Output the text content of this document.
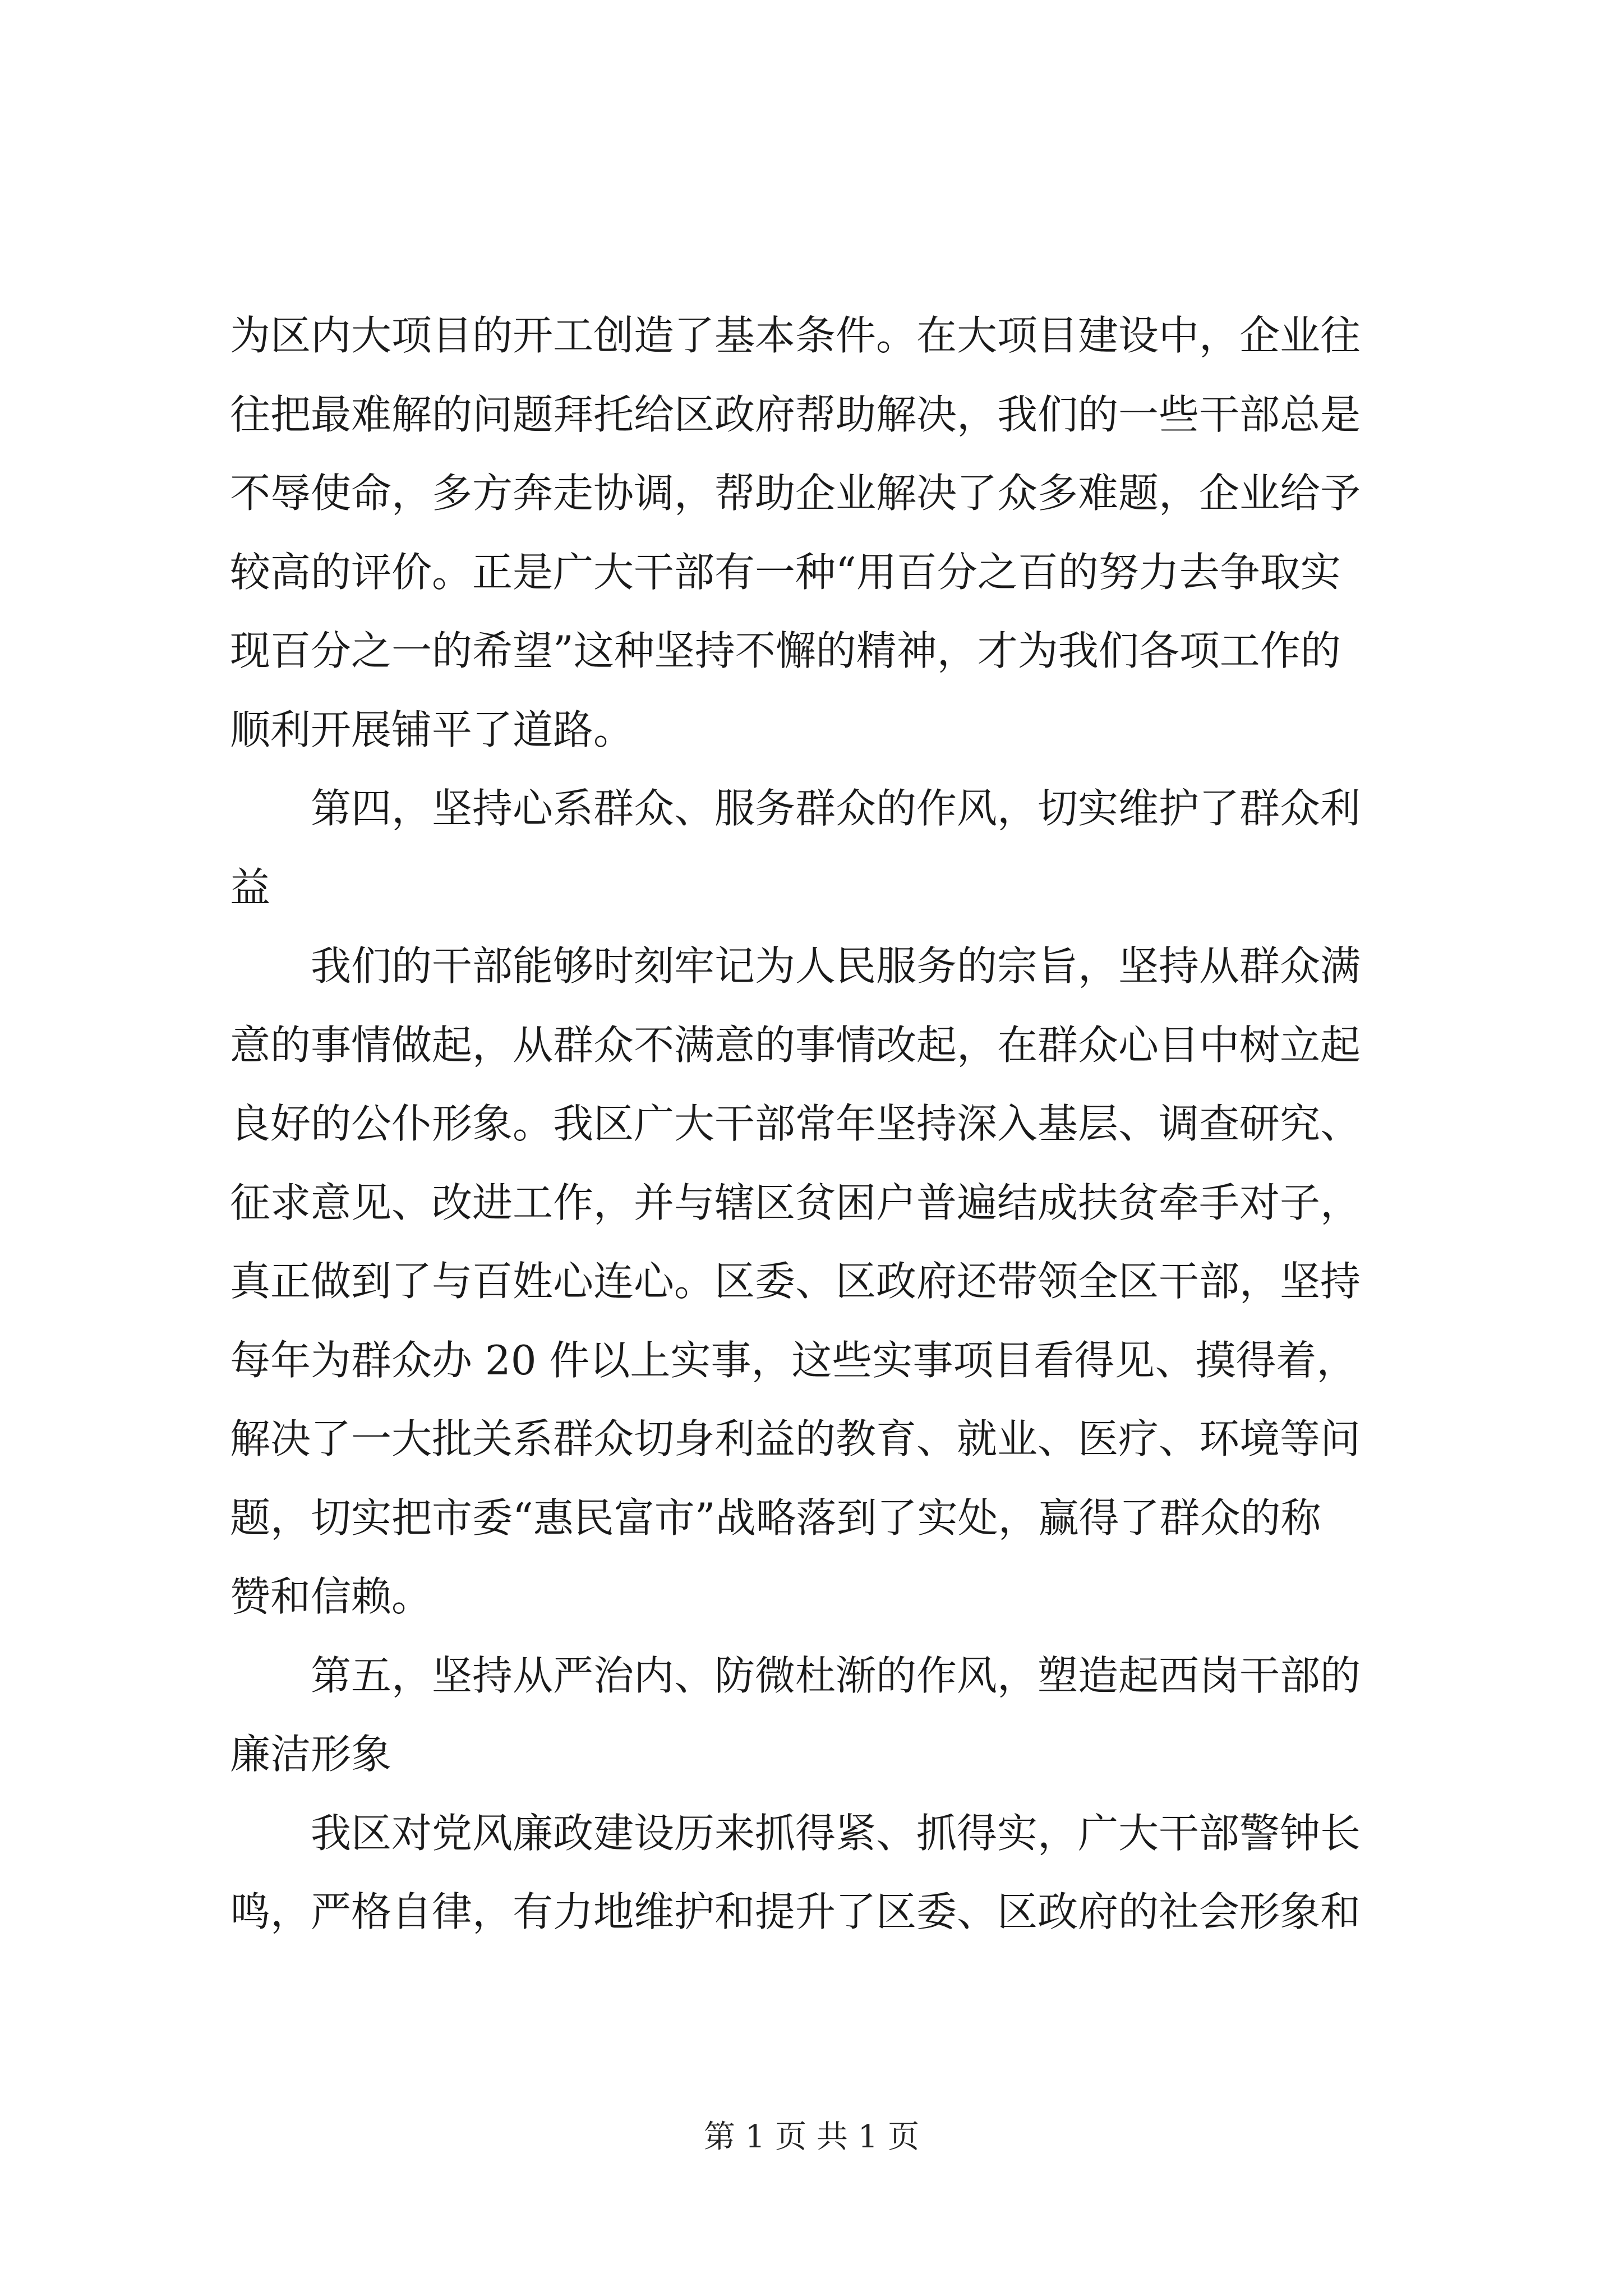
为区内大项目的开工创造了基本条件。在大项目建设中，企业往
往把最难解的问题拜托给区政府帮助解决，我们的一些干部总是
不辱使命，多方奔走协调，帮助企业解决了众多难题，企业给予
较高的评价。正是广大干部有一种“用百分之百的努力去争取实
现百分之一的希望”这种坚持不懈的精神，才为我们各项工作的
顺利开展铺平了道路。
第四，坚持心系群众、服务群众的作风，切实维护了群众利
益
我们的干部能够时刻牢记为人民服务的宗旨，坚持从群众满
意的事情做起，从群众不满意的事情改起，在群众心目中树立起
良好的公仆形象。我区广大干部常年坚持深入基层、调查研究、
征求意见、改进工作，并与辖区贫困户普遍结成扶贫牵手对子，
真正做到了与百姓心连心。区委、区政府还带领全区干部，坚持
每年为群众办 20 件以上实事，这些实事项目看得见、摸得着，
解决了一大批关系群众切身利益的教育、就业、医疗、环境等问
题，切实把市委“惠民富市”战略落到了实处，赢得了群众的称
赞和信赖。
第五，坚持从严治内、防微杜渐的作风，塑造起西岗干部的
廉洁形象
我区对党风廉政建设历来抓得紧、抓得实，广大干部警钟长
鸣，严格自律，有力地维护和提升了区委、区政府的社会形象和
第 1 页 共 1 页
